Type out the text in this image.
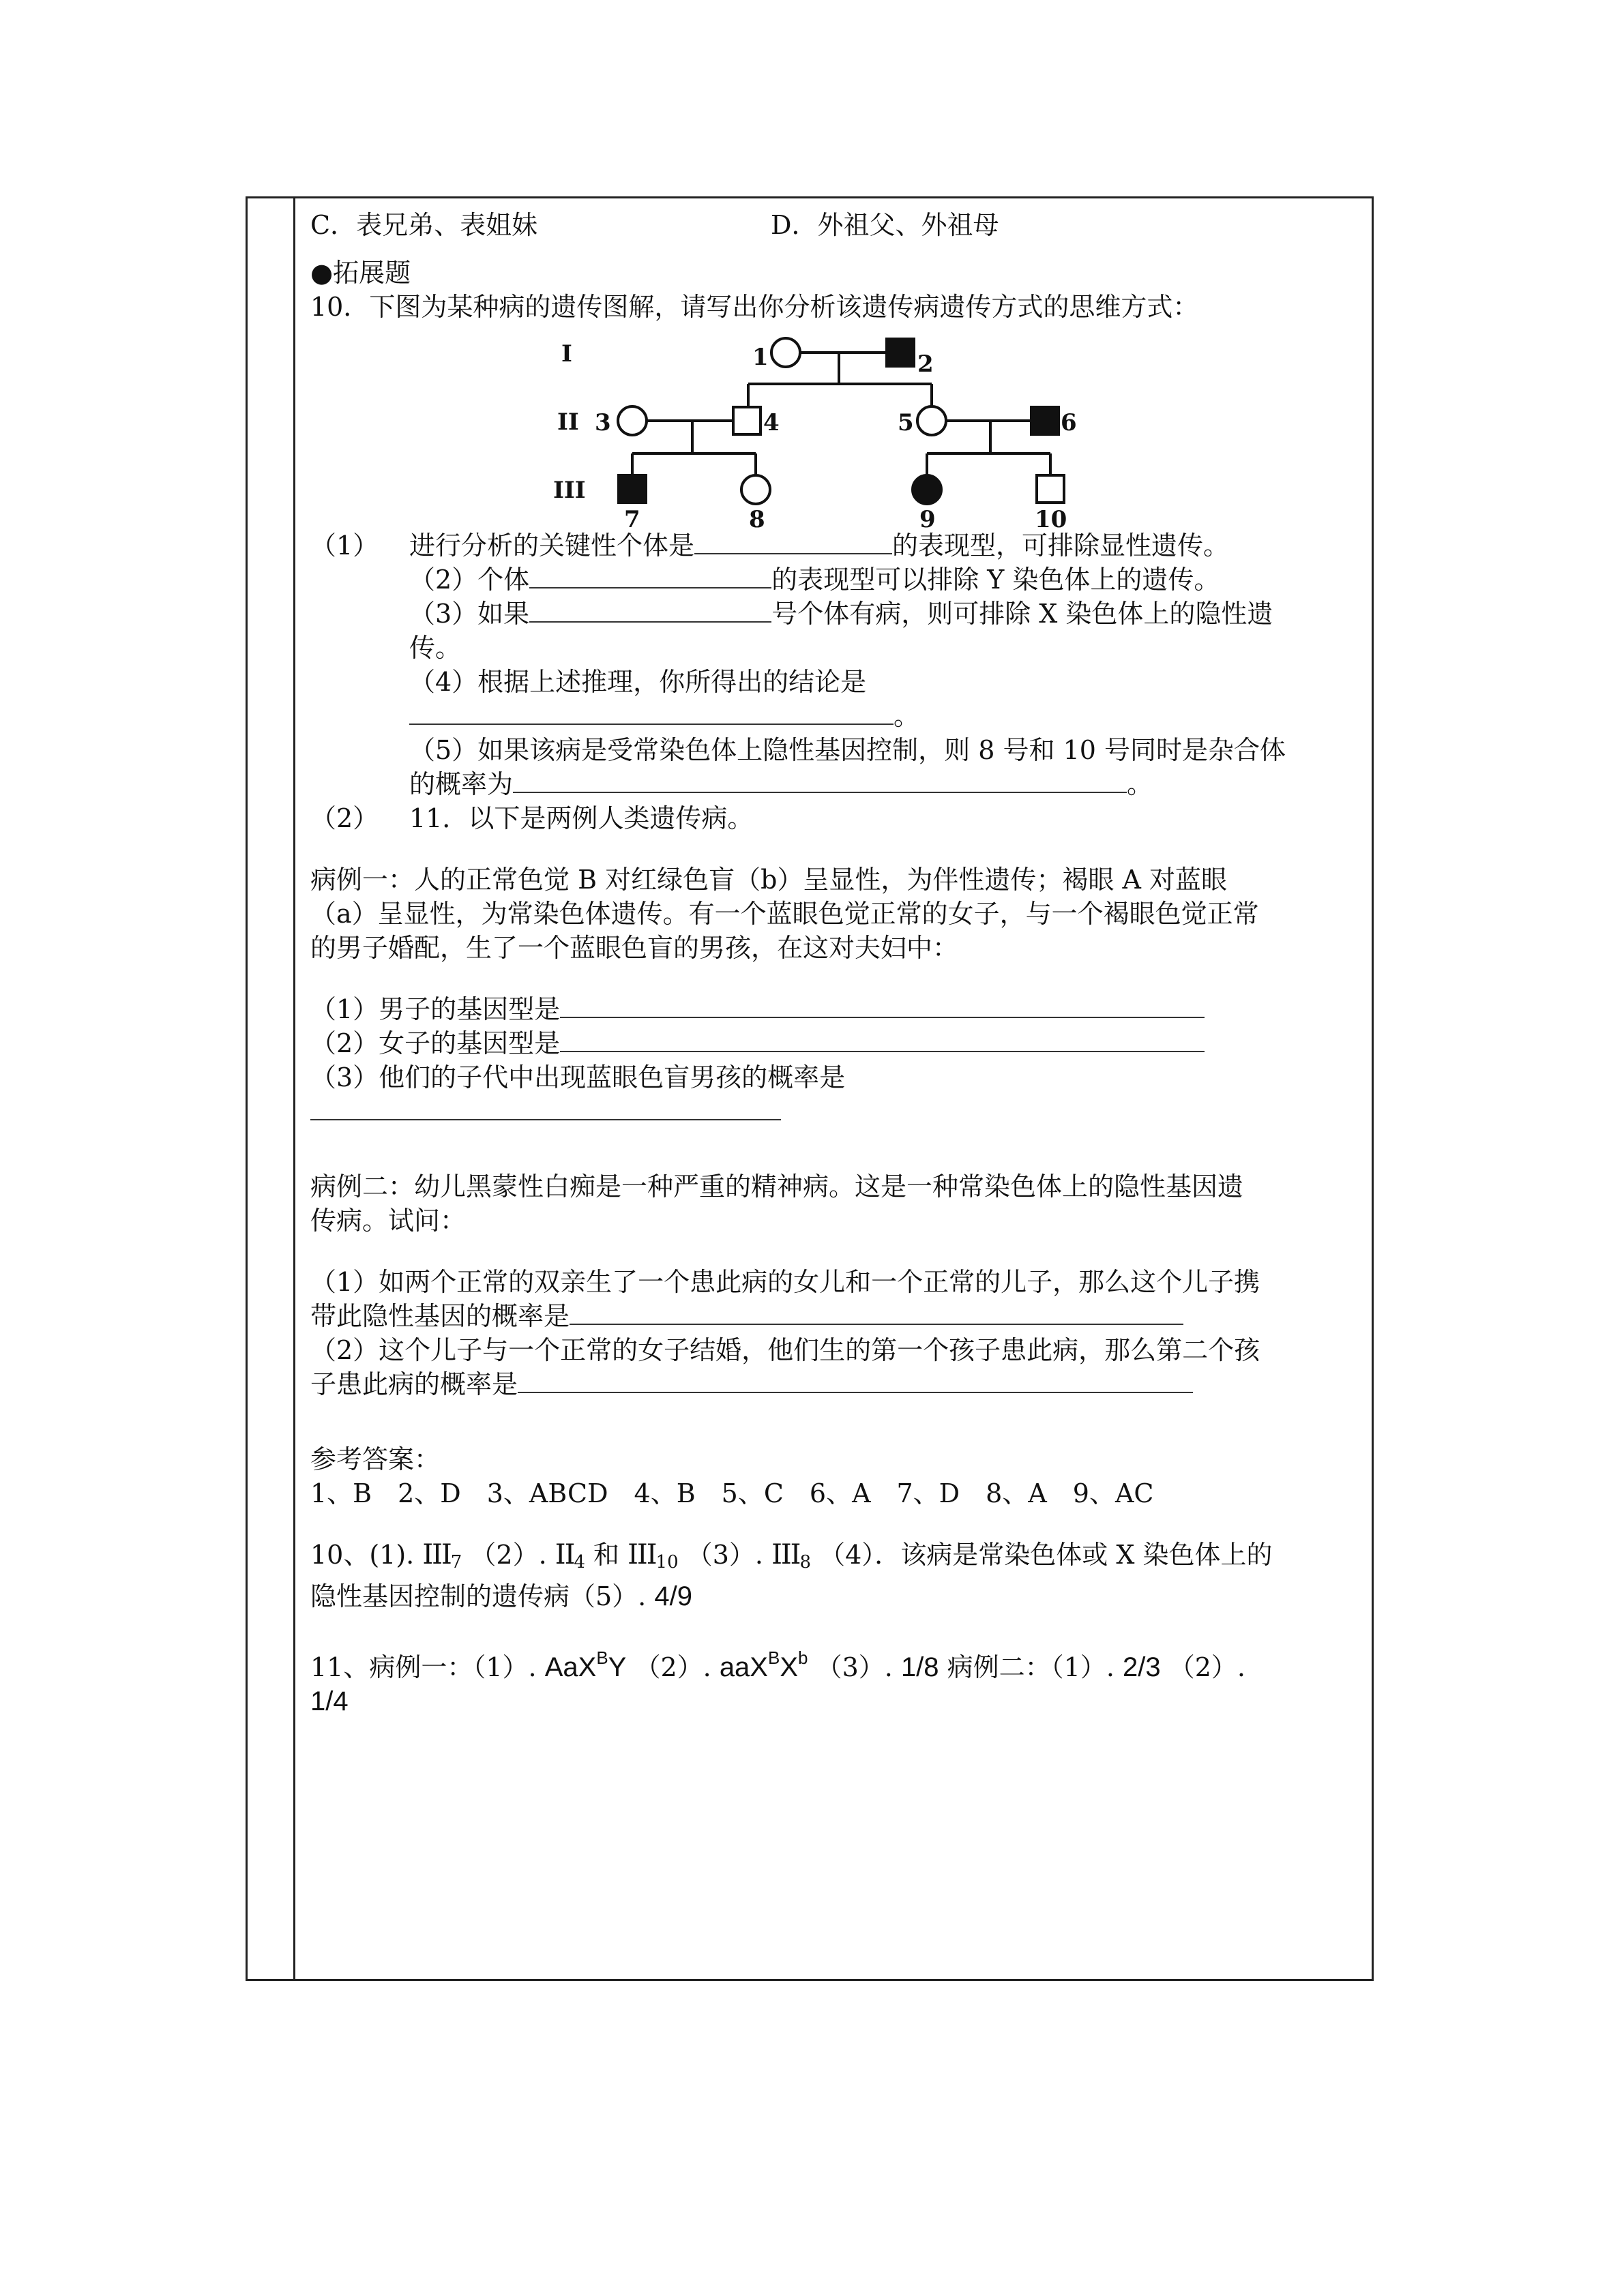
C．表兄弟、表姐妹	D．外祖父、外祖母
●拓展题
10．下图为某种病的遗传图解，请写出你分析该遗传病遗传方式的思维方式：
I
II
III
1	2
3	4	5	6
7	8	9	10
（1） 进行分析的关键性个体是	的表现型，可排除显性遗传。
（2）个体	的表现型可以排除 Y 染色体上的遗传。
（3）如果	号个体有病，则可排除 X 染色体上的隐性遗
传。
（4）根据上述推理，你所得出的结论是
。
（5）如果该病是受常染色体上隐性基因控制，则 8 号和 10 号同时是杂合体
的概率为	。
（2） 11．以下是两例人类遗传病。
病例一：人的正常色觉 B 对红绿色盲（b）呈显性，为伴性遗传；褐眼 A 对蓝眼
（a）呈显性，为常染色体遗传。有一个蓝眼色觉正常的女子，与一个褐眼色觉正常
的男子婚配，生了一个蓝眼色盲的男孩，在这对夫妇中：
（1）男子的基因型是
（2）女子的基因型是
（3）他们的子代中出现蓝眼色盲男孩的概率是
病例二：幼儿黑蒙性白痴是一种严重的精神病。这是一种常染色体上的隐性基因遗
传病。试问：
（1）如两个正常的双亲生了一个患此病的女儿和一个正常的儿子，那么这个儿子携
带此隐性基因的概率是
（2）这个儿子与一个正常的女子结婚，他们生的第一个孩子患此病，那么第二个孩
子患此病的概率是
参考答案：
1、B　2、D　3、ABCD　4、B　5、C　6、A　7、D　8、A　9、AC
10、(1). $III_7$ （2）. $II_4$ 和 $III_{10}$ （3）. $III_8$ （4）．该病是常染色体或 X 染色体上的
隐性基因控制的遗传病（5）. 4/9
11、病例一：（1）. AaX$^B$Y （2）. $aaX^BX^b$ （3）. 1/8 病例二：（1）. 2/3 （2）.
1/4
